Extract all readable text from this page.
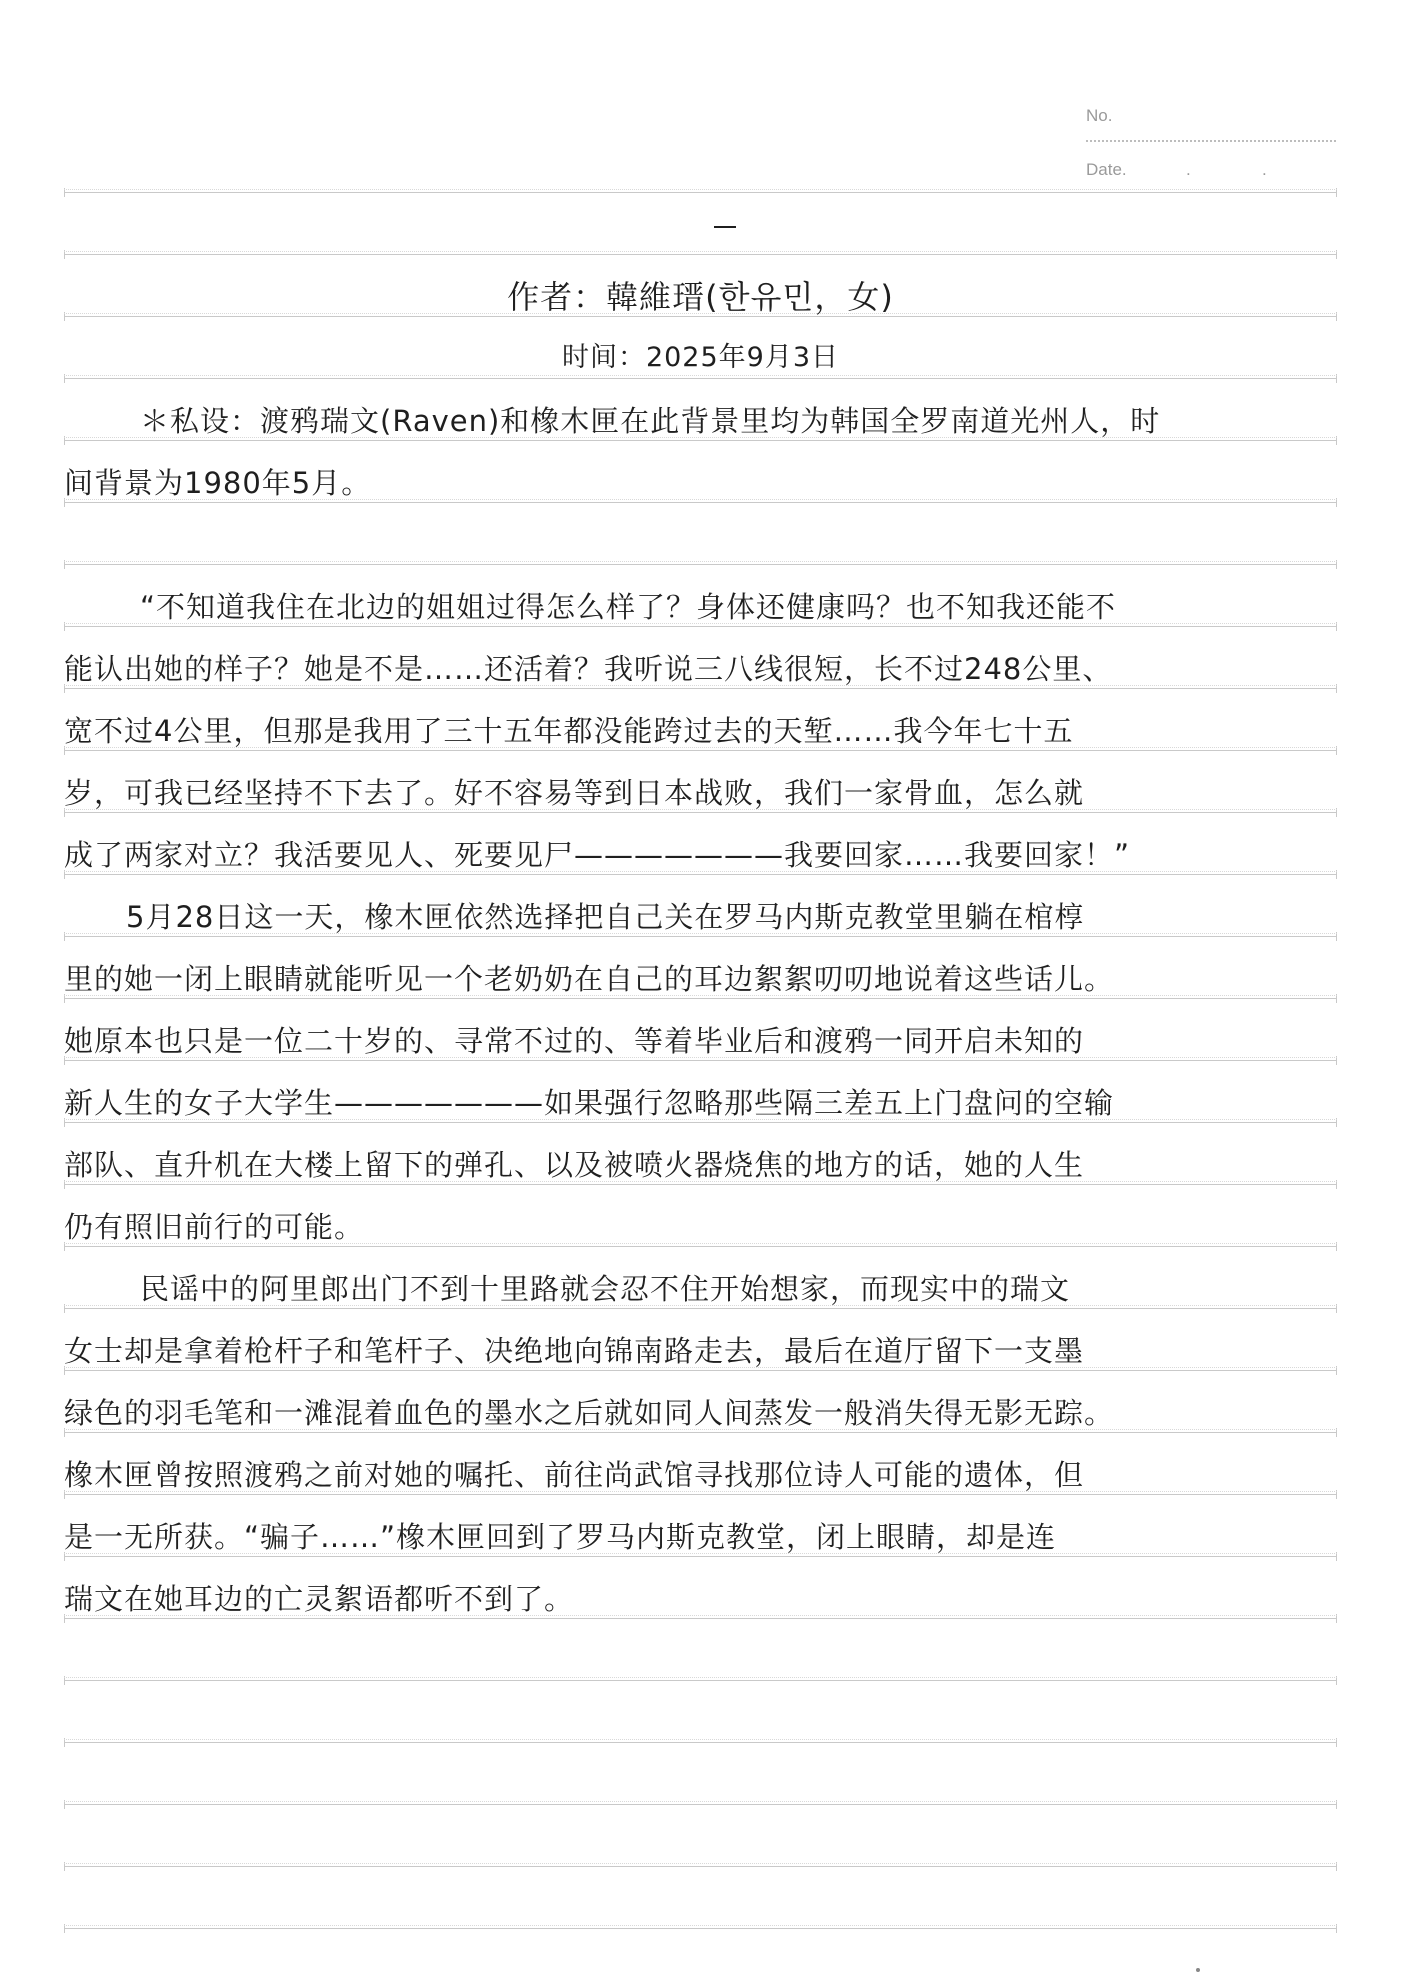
No.
Date.	.	.
作者：韓維瑨(한유민，女)
时间：2025年9月3日
＊私设：渡鸦瑞文(Raven)和橡木匣在此背景里均为韩国全罗南道光州人，时
间背景为1980年5月。
“不知道我住在北边的姐姐过得怎么样了？身体还健康吗？也不知我还能不
能认出她的样子？她是不是……还活着？我听说三八线很短，长不过248公里、
宽不过4公里，但那是我用了三十五年都没能跨过去的天堑……我今年七十五
岁，可我已经坚持不下去了。好不容易等到日本战败，我们一家骨血，怎么就
成了两家对立？我活要见人、死要见尸———————我要回家……我要回家！”
5月28日这一天，橡木匣依然选择把自己关在罗马内斯克教堂里躺在棺椁
里的她一闭上眼睛就能听见一个老奶奶在自己的耳边絮絮叨叨地说着这些话儿。
她原本也只是一位二十岁的、寻常不过的、等着毕业后和渡鸦一同开启未知的
新人生的女子大学生———————如果强行忽略那些隔三差五上门盘问的空输
部队、直升机在大楼上留下的弹孔、以及被喷火器烧焦的地方的话，她的人生
仍有照旧前行的可能。
民谣中的阿里郎出门不到十里路就会忍不住开始想家，而现实中的瑞文
女士却是拿着枪杆子和笔杆子、决绝地向锦南路走去，最后在道厅留下一支墨
绿色的羽毛笔和一滩混着血色的墨水之后就如同人间蒸发一般消失得无影无踪。
橡木匣曾按照渡鸦之前对她的嘱托、前往尚武馆寻找那位诗人可能的遗体，但
是一无所获。“骗子……”橡木匣回到了罗马内斯克教堂，闭上眼睛，却是连
瑞文在她耳边的亡灵絮语都听不到了。
